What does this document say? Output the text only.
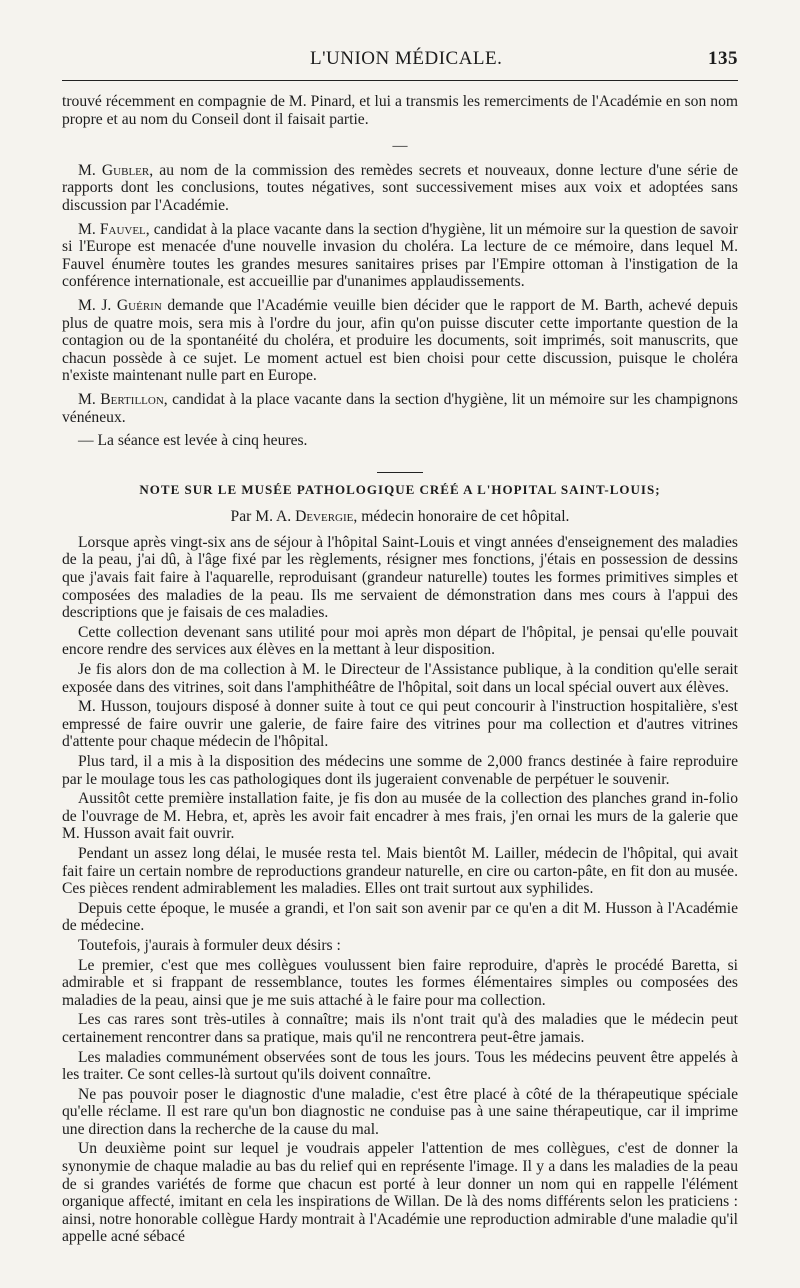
L'UNION MÉDICALE.	135

trouvé récemment en compagnie de M. Pinard, et lui a transmis les remerciments de l'Académie en son nom propre et au nom du Conseil dont il faisait partie.

—

M. Gubler, au nom de la commission des remèdes secrets et nouveaux, donne lecture d'une série de rapports dont les conclusions, toutes négatives, sont successivement mises aux voix et adoptées sans discussion par l'Académie.

M. Fauvel, candidat à la place vacante dans la section d'hygiène, lit un mémoire sur la question de savoir si l'Europe est menacée d'une nouvelle invasion du choléra. La lecture de ce mémoire, dans lequel M. Fauvel énumère toutes les grandes mesures sanitaires prises par l'Empire ottoman à l'instigation de la conférence internationale, est accueillie par d'unanimes applaudissements.

M. J. Guérin demande que l'Académie veuille bien décider que le rapport de M. Barth, achevé depuis plus de quatre mois, sera mis à l'ordre du jour, afin qu'on puisse discuter cette importante question de la contagion ou de la spontanéité du choléra, et produire les documents, soit imprimés, soit manuscrits, que chacun possède à ce sujet. Le moment actuel est bien choisi pour cette discussion, puisque le choléra n'existe maintenant nulle part en Europe.

M. Bertillon, candidat à la place vacante dans la section d'hygiène, lit un mémoire sur les champignons vénéneux.

— La séance est levée à cinq heures.

NOTE SUR LE MUSÉE PATHOLOGIQUE CRÉÉ A L'HOPITAL SAINT-LOUIS;
Par M. A. Devergie, médecin honoraire de cet hôpital.

Lorsque après vingt-six ans de séjour à l'hôpital Saint-Louis et vingt années d'enseignement des maladies de la peau, j'ai dû, à l'âge fixé par les règlements, résigner mes fonctions, j'étais en possession de dessins que j'avais fait faire à l'aquarelle, reproduisant (grandeur naturelle) toutes les formes primitives simples et composées des maladies de la peau. Ils me servaient de démonstration dans mes cours à l'appui des descriptions que je faisais de ces maladies.

Cette collection devenant sans utilité pour moi après mon départ de l'hôpital, je pensai qu'elle pouvait encore rendre des services aux élèves en la mettant à leur disposition.

Je fis alors don de ma collection à M. le Directeur de l'Assistance publique, à la condition qu'elle serait exposée dans des vitrines, soit dans l'amphithéâtre de l'hôpital, soit dans un local spécial ouvert aux élèves.

M. Husson, toujours disposé à donner suite à tout ce qui peut concourir à l'instruction hospitalière, s'est empressé de faire ouvrir une galerie, de faire faire des vitrines pour ma collection et d'autres vitrines d'attente pour chaque médecin de l'hôpital.

Plus tard, il a mis à la disposition des médecins une somme de 2,000 francs destinée à faire reproduire par le moulage tous les cas pathologiques dont ils jugeraient convenable de perpétuer le souvenir.

Aussitôt cette première installation faite, je fis don au musée de la collection des planches grand in-folio de l'ouvrage de M. Hebra, et, après les avoir fait encadrer à mes frais, j'en ornai les murs de la galerie que M. Husson avait fait ouvrir.

Pendant un assez long délai, le musée resta tel. Mais bientôt M. Lailler, médecin de l'hôpital, qui avait fait faire un certain nombre de reproductions grandeur naturelle, en cire ou carton-pâte, en fit don au musée. Ces pièces rendent admirablement les maladies. Elles ont trait surtout aux syphilides.

Depuis cette époque, le musée a grandi, et l'on sait son avenir par ce qu'en a dit M. Husson à l'Académie de médecine.

Toutefois, j'aurais à formuler deux désirs :

Le premier, c'est que mes collègues voulussent bien faire reproduire, d'après le procédé Baretta, si admirable et si frappant de ressemblance, toutes les formes élémentaires simples ou composées des maladies de la peau, ainsi que je me suis attaché à le faire pour ma collection.

Les cas rares sont très-utiles à connaître; mais ils n'ont trait qu'à des maladies que le médecin peut certainement rencontrer dans sa pratique, mais qu'il ne rencontrera peut-être jamais.

Les maladies communément observées sont de tous les jours. Tous les médecins peuvent être appelés à les traiter. Ce sont celles-là surtout qu'ils doivent connaître.

Ne pas pouvoir poser le diagnostic d'une maladie, c'est être placé à côté de la thérapeutique spéciale qu'elle réclame. Il est rare qu'un bon diagnostic ne conduise pas à une saine thérapeutique, car il imprime une direction dans la recherche de la cause du mal.

Un deuxième point sur lequel je voudrais appeler l'attention de mes collègues, c'est de donner la synonymie de chaque maladie au bas du relief qui en représente l'image. Il y a dans les maladies de la peau de si grandes variétés de forme que chacun est porté à leur donner un nom qui en rappelle l'élément organique affecté, imitant en cela les inspirations de Willan. De là des noms différents selon les praticiens : ainsi, notre honorable collègue Hardy montrait à l'Académie une reproduction admirable d'une maladie qu'il appelle acné sébacé
